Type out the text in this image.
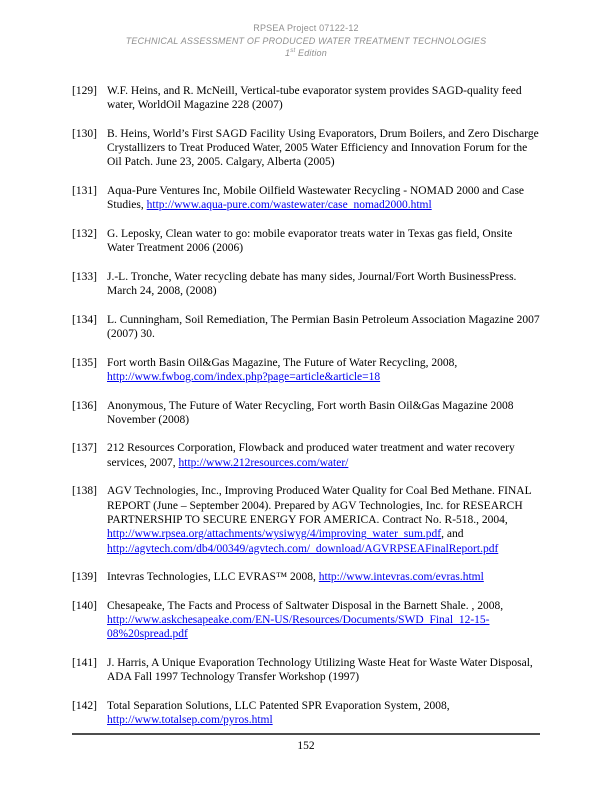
RPSEA Project 07122-12
TECHNICAL ASSESSMENT OF PRODUCED WATER TREATMENT TECHNOLOGIES
1st Edition
[129] W.F. Heins, and R. McNeill, Vertical-tube evaporator system provides SAGD-quality feed water, WorldOil Magazine 228 (2007)
[130] B. Heins, World’s First SAGD Facility Using Evaporators, Drum Boilers, and Zero Discharge Crystallizers to Treat Produced Water, 2005 Water Efficiency and Innovation Forum for the Oil Patch. June 23, 2005. Calgary, Alberta (2005)
[131] Aqua-Pure Ventures Inc, Mobile Oilfield Wastewater Recycling - NOMAD 2000 and Case Studies, http://www.aqua-pure.com/wastewater/case_nomad2000.html
[132] G. Leposky, Clean water to go: mobile evaporator treats water in Texas gas field, Onsite Water Treatment 2006 (2006)
[133] J.-L. Tronche, Water recycling debate has many sides, Journal/Fort Worth BusinessPress. March 24, 2008, (2008)
[134] L. Cunningham, Soil Remediation, The Permian Basin Petroleum Association Magazine 2007 (2007) 30.
[135] Fort worth Basin Oil&Gas Magazine, The Future of Water Recycling, 2008, http://www.fwbog.com/index.php?page=article&article=18
[136] Anonymous, The Future of Water Recycling, Fort worth Basin Oil&Gas Magazine 2008 November (2008)
[137] 212 Resources Corporation, Flowback and produced water treatment and water recovery services, 2007, http://www.212resources.com/water/
[138] AGV Technologies, Inc., Improving Produced Water Quality for Coal Bed Methane. FINAL REPORT (June – September 2004). Prepared by AGV Technologies, Inc. for RESEARCH PARTNERSHIP TO SECURE ENERGY FOR AMERICA. Contract No. R-518., 2004, http://www.rpsea.org/attachments/wysiwyg/4/improving_water_sum.pdf, and http://agvtech.com/db4/00349/agvtech.com/_download/AGVRPSEAFinalReport.pdf
[139] Intevras Technologies, LLC EVRAS™ 2008, http://www.intevras.com/evras.html
[140] Chesapeake, The Facts and Process of Saltwater Disposal in the Barnett Shale. , 2008, http://www.askchesapeake.com/EN-US/Resources/Documents/SWD_Final_12-15-08%20spread.pdf
[141] J. Harris, A Unique Evaporation Technology Utilizing Waste Heat for Waste Water Disposal, ADA Fall 1997 Technology Transfer Workshop (1997)
[142] Total Separation Solutions, LLC Patented SPR Evaporation System, 2008, http://www.totalsep.com/pyros.html
152
